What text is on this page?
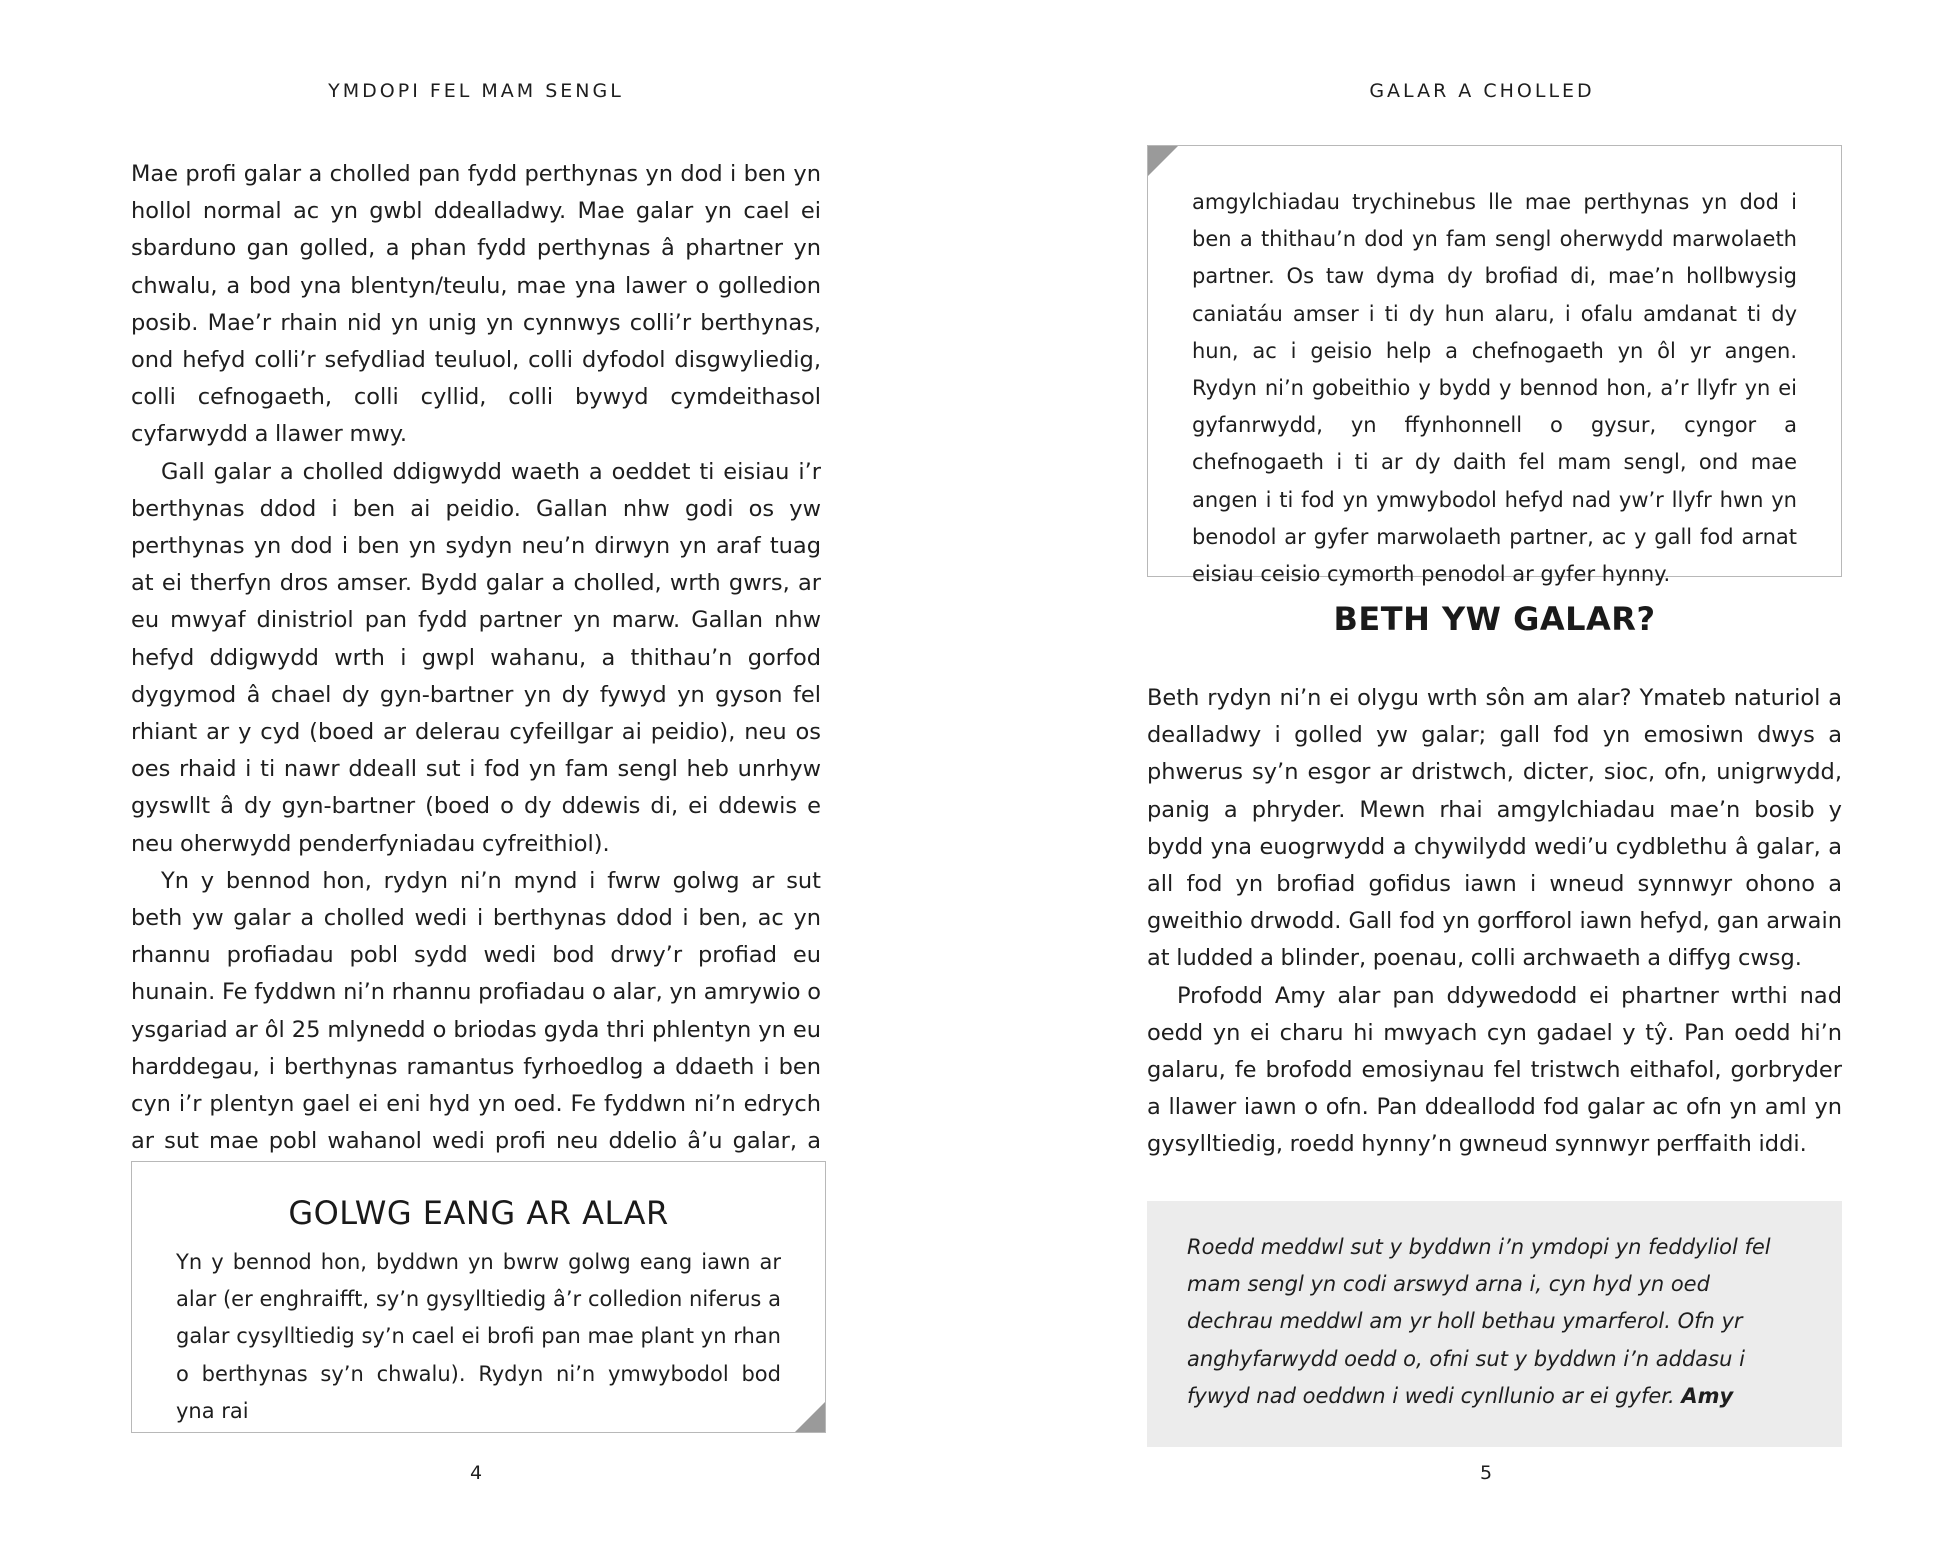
YMDOPI FEL MAM SENGL

Mae profi galar a cholled pan fydd perthynas yn dod i ben yn hollol normal ac yn gwbl ddealladwy. Mae galar yn cael ei sbarduno gan golled, a phan fydd perthynas â phartner yn chwalu, a bod yna blentyn/teulu, mae yna lawer o golledion posib. Mae’r rhain nid yn unig yn cynnwys colli’r berthynas, ond hefyd colli’r sefydliad teuluol, colli dyfodol disgwyliedig, colli cefnogaeth, colli cyllid, colli bywyd cymdeithasol cyfarwydd a llawer mwy.

Gall galar a cholled ddigwydd waeth a oeddet ti eisiau i’r berthynas ddod i ben ai peidio. Gallan nhw godi os yw perthynas yn dod i ben yn sydyn neu’n dirwyn yn araf tuag at ei therfyn dros amser. Bydd galar a cholled, wrth gwrs, ar eu mwyaf dinistriol pan fydd partner yn marw. Gallan nhw hefyd ddigwydd wrth i gwpl wahanu, a thithau’n gorfod dygymod â chael dy gyn-bartner yn dy fywyd yn gyson fel rhiant ar y cyd (boed ar delerau cyfeillgar ai peidio), neu os oes rhaid i ti nawr ddeall sut i fod yn fam sengl heb unrhyw gyswllt â dy gyn-bartner (boed o dy ddewis di, ei ddewis e neu oherwydd penderfyniadau cyfreithiol).

Yn y bennod hon, rydyn ni’n mynd i fwrw golwg ar sut beth yw galar a cholled wedi i berthynas ddod i ben, ac yn rhannu profiadau pobl sydd wedi bod drwy’r profiad eu hunain. Fe fyddwn ni’n rhannu profiadau o alar, yn amrywio o ysgariad ar ôl 25 mlynedd o briodas gyda thri phlentyn yn eu harddegau, i berthynas ramantus fyrhoedlog a ddaeth i ben cyn i’r plentyn gael ei eni hyd yn oed. Fe fyddwn ni’n edrych ar sut mae pobl wahanol wedi profi neu ddelio â’u galar, a

GOLWG EANG AR ALAR

Yn y bennod hon, byddwn yn bwrw golwg eang iawn ar alar (er enghraifft, sy’n gysylltiedig â’r colledion niferus a galar cysylltiedig sy’n cael ei brofi pan mae plant yn rhan o berthynas sy’n chwalu). Rydyn ni’n ymwybodol bod yna rai

4
GALAR A CHOLLED

amgylchiadau trychinebus lle mae perthynas yn dod i ben a thithau’n dod yn fam sengl oherwydd marwolaeth partner. Os taw dyma dy brofiad di, mae’n hollbwysig caniatáu amser i ti dy hun alaru, i ofalu amdanat ti dy hun, ac i geisio help a chefnogaeth yn ôl yr angen. Rydyn ni’n gobeithio y bydd y bennod hon, a’r llyfr yn ei gyfanrwydd, yn ffynhonnell o gysur, cyngor a chefnogaeth i ti ar dy daith fel mam sengl, ond mae angen i ti fod yn ymwybodol hefyd nad yw’r llyfr hwn yn benodol ar gyfer marwolaeth partner, ac y gall fod arnat eisiau ceisio cymorth penodol ar gyfer hynny.

BETH YW GALAR?

Beth rydyn ni’n ei olygu wrth sôn am alar? Ymateb naturiol a dealladwy i golled yw galar; gall fod yn emosiwn dwys a phwerus sy’n esgor ar dristwch, dicter, sioc, ofn, unigrwydd, panig a phryder. Mewn rhai amgylchiadau mae’n bosib y bydd yna euogrwydd a chywilydd wedi’u cydblethu â galar, a all fod yn brofiad gofidus iawn i wneud synnwyr ohono a gweithio drwodd. Gall fod yn gorfforol iawn hefyd, gan arwain at ludded a blinder, poenau, colli archwaeth a diffyg cwsg.

Profodd Amy alar pan ddywedodd ei phartner wrthi nad oedd yn ei charu hi mwyach cyn gadael y tŷ. Pan oedd hi’n galaru, fe brofodd emosiynau fel tristwch eithafol, gorbryder a llawer iawn o ofn. Pan ddeallodd fod galar ac ofn yn aml yn gysylltiedig, roedd hynny’n gwneud synnwyr perffaith iddi.

Roedd meddwl sut y byddwn i’n ymdopi yn feddyliol fel mam sengl yn codi arswyd arna i, cyn hyd yn oed dechrau meddwl am yr holl bethau ymarferol. Ofn yr anghyfarwydd oedd o, ofni sut y byddwn i’n addasu i fywyd nad oeddwn i wedi cynllunio ar ei gyfer. Amy

5
